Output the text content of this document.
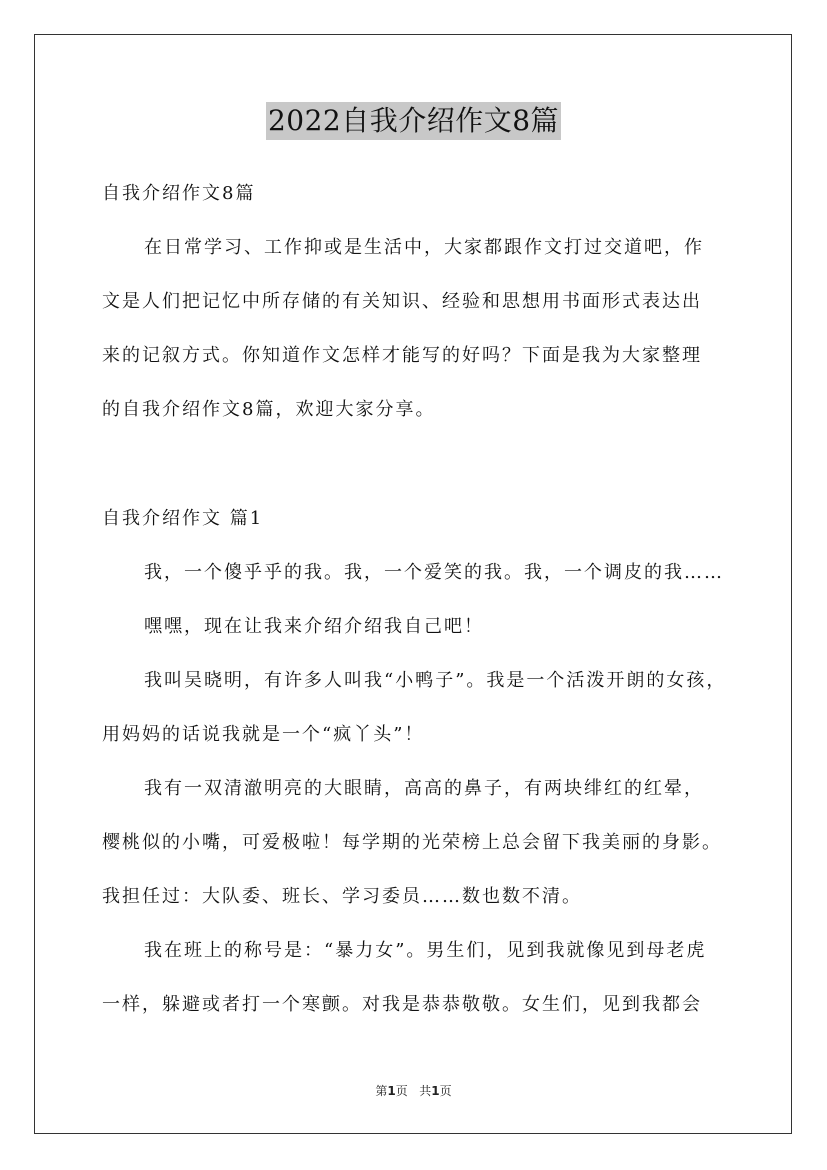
2022自我介绍作文8篇
自我介绍作文8篇
在日常学习、工作抑或是生活中，大家都跟作文打过交道吧，作
文是人们把记忆中所存储的有关知识、经验和思想用书面形式表达出
来的记叙方式。你知道作文怎样才能写的好吗？下面是我为大家整理
的自我介绍作文8篇，欢迎大家分享。
自我介绍作文 篇1
我，一个傻乎乎的我。我，一个爱笑的我。我，一个调皮的我……
嘿嘿，现在让我来介绍介绍我自己吧！
我叫吴晓明，有许多人叫我“小鸭子”。我是一个活泼开朗的女孩，
用妈妈的话说我就是一个“疯丫头”！
我有一双清澈明亮的大眼睛，高高的鼻子，有两块绯红的红晕，
樱桃似的小嘴，可爱极啦！每学期的光荣榜上总会留下我美丽的身影。
我担任过：大队委、班长、学习委员……数也数不清。
我在班上的称号是：“暴力女”。男生们，见到我就像见到母老虎
一样，躲避或者打一个寒颤。对我是恭恭敬敬。女生们，见到我都会
第1页   共1页
